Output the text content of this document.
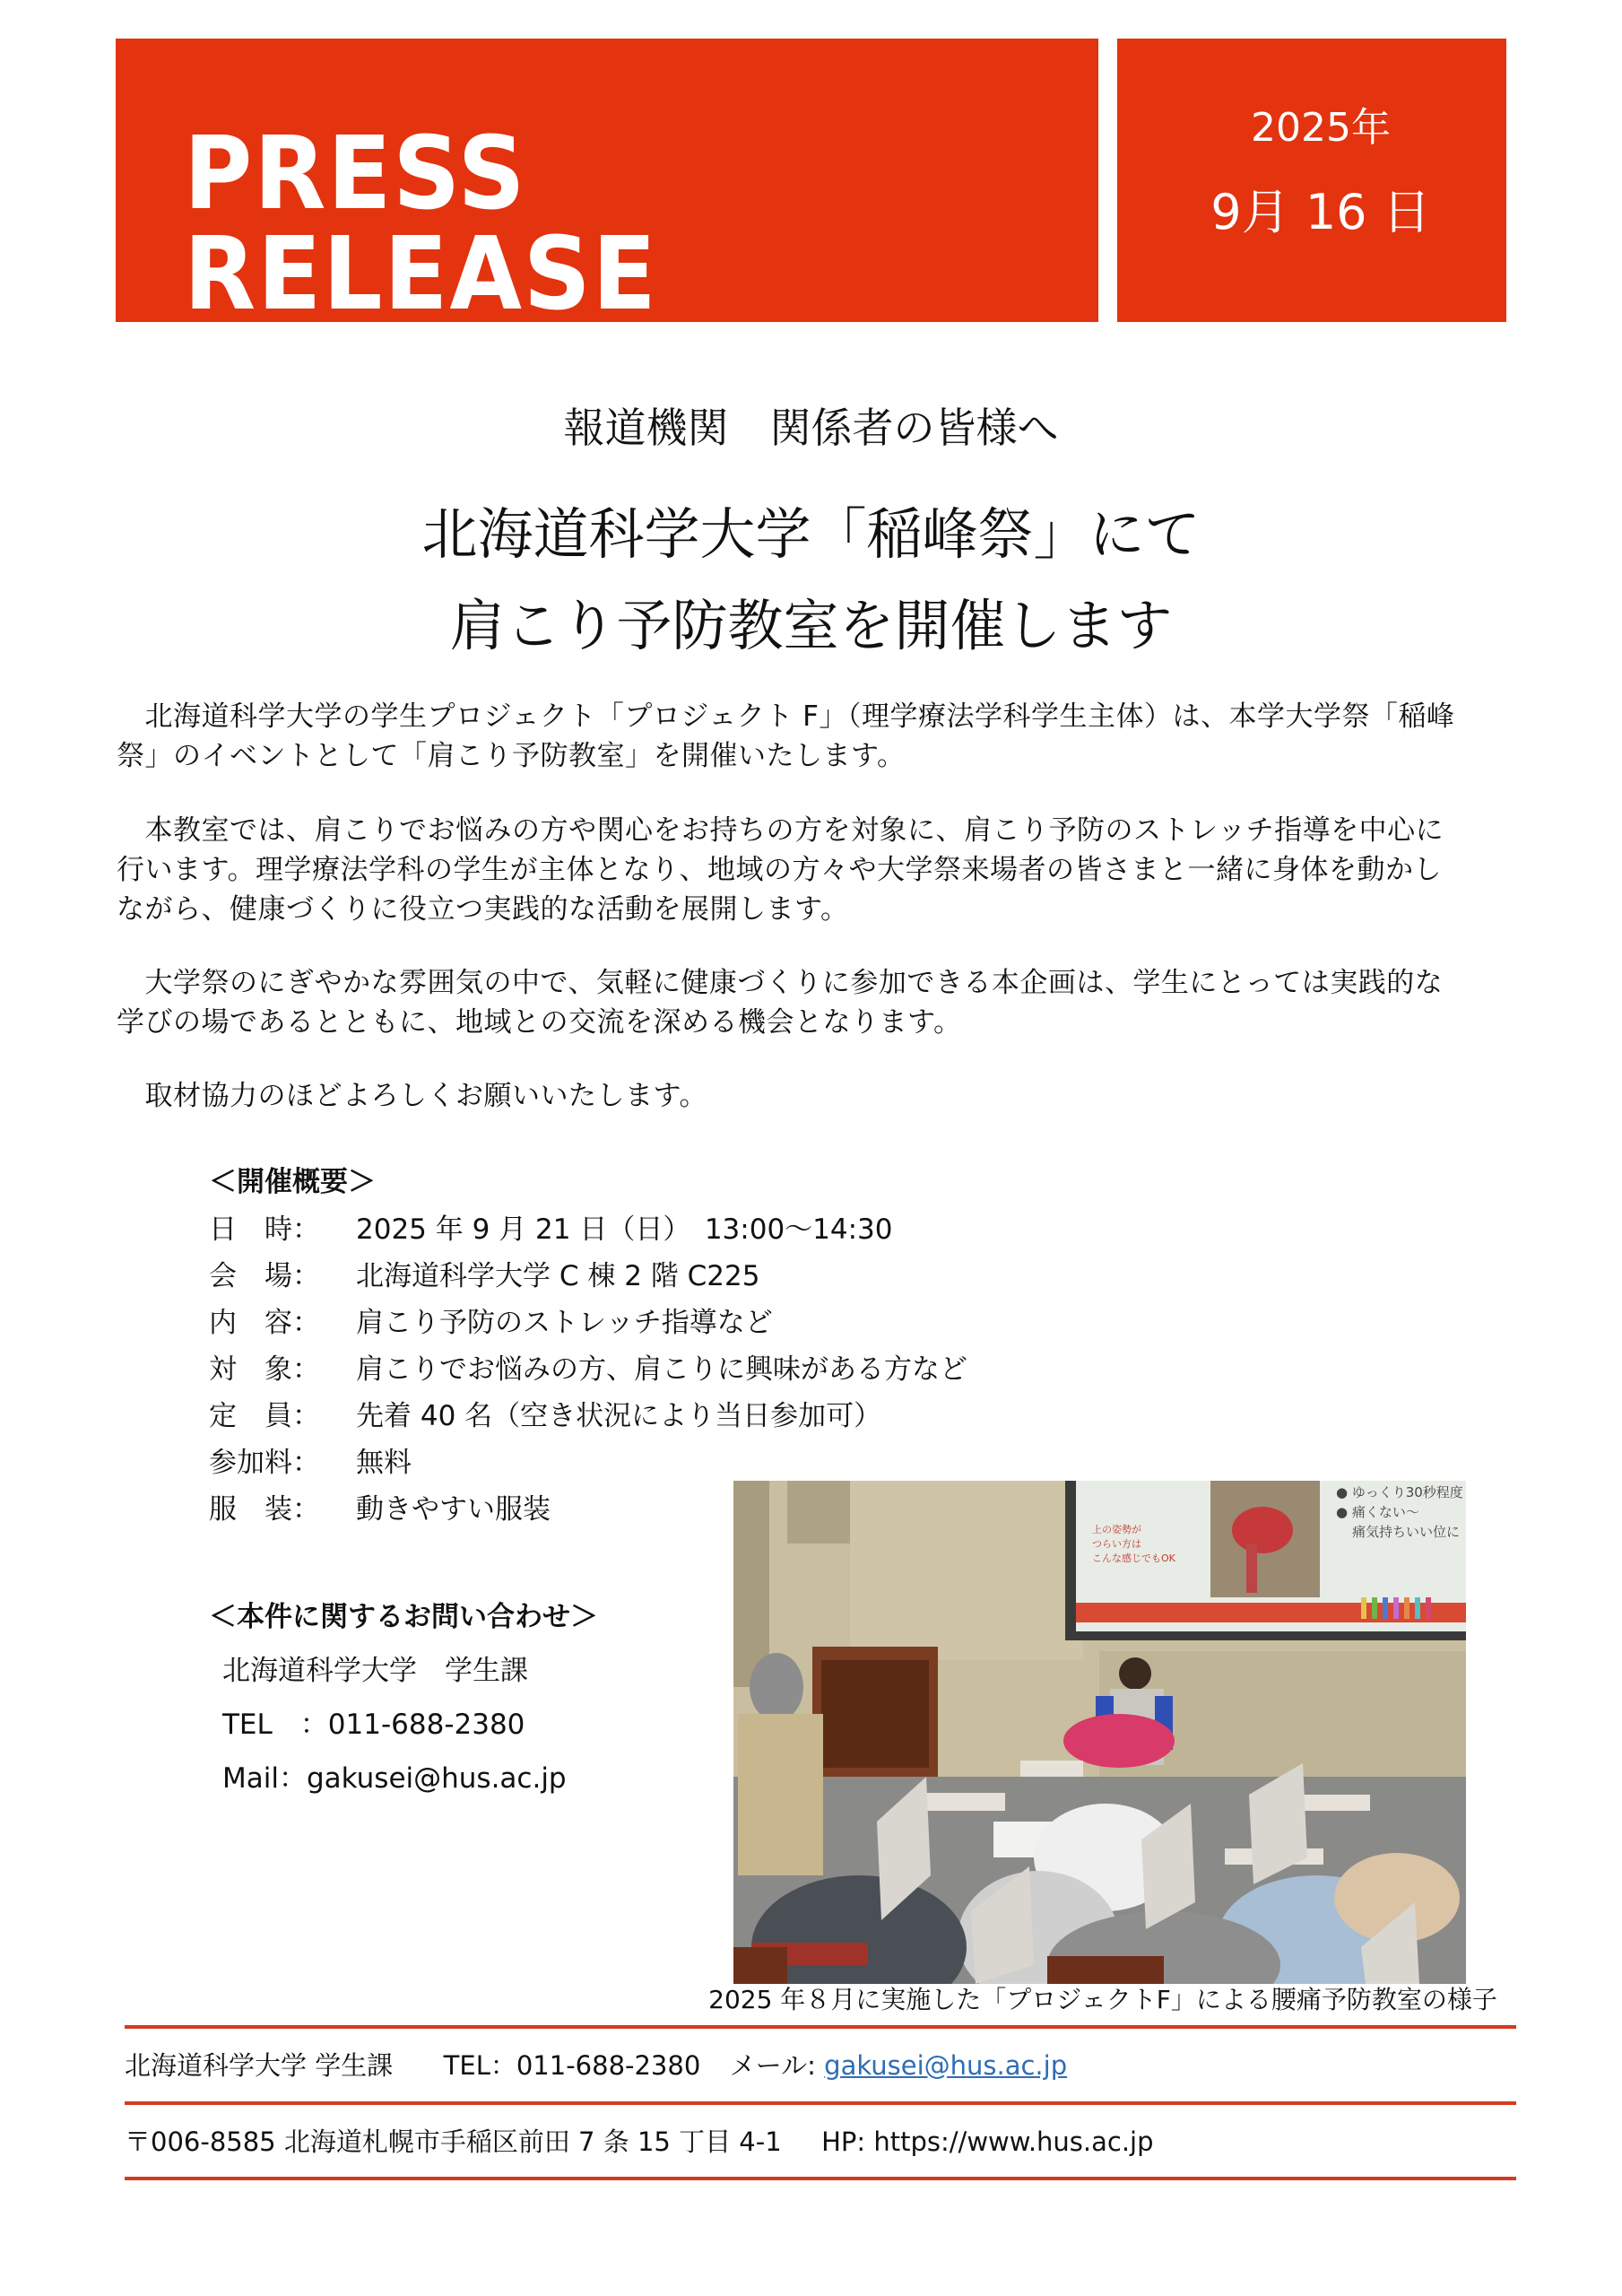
PRESS RELEASE
2025年
9月 16 日
報道機関　関係者の皆様へ
北海道科学大学「稲峰祭」にて
肩こり予防教室を開催します
　北海道科学大学の学生プロジェクト「プロジェクト F」（理学療法学科学生主体）は、本学大学祭「稲峰祭」のイベントとして「肩こり予防教室」を開催いたします。
　本教室では、肩こりでお悩みの方や関心をお持ちの方を対象に、肩こり予防のストレッチ指導を中心に行います。理学療法学科の学生が主体となり、地域の方々や大学祭来場者の皆さまと一緒に身体を動かしながら、健康づくりに役立つ実践的な活動を展開します。
　大学祭のにぎやかな雰囲気の中で、気軽に健康づくりに参加できる本企画は、学生にとっては実践的な学びの場であるとともに、地域との交流を深める機会となります。
　取材協力のほどよろしくお願いいたします。
＜開催概要＞
日　時：	2025 年 9 月 21 日（日）　13:00～14:30
会　場：	北海道科学大学 C 棟 2 階 C225
内　容：	肩こり予防のストレッチ指導など
対　象：	肩こりでお悩みの方、肩こりに興味がある方など
定　員：	先着 40 名（空き状況により当日参加可）
参加料：	無料
服　装：	動きやすい服装
＜本件に関するお問い合わせ＞
北海道科学大学　学生課
TEL　：011-688-2380
Mail：gakusei@hus.ac.jp
上の姿勢が
つらい方は
こんな感じでもOK
● ゆっくり30秒程度
● 痛くない～
痛気持ちいい位に
2025 年８月に実施した「プロジェクトF」による腰痛予防教室の様子
北海道科学大学 学生課 TEL：011-688-2380 メール: gakusei@hus.ac.jp
〒006-8585 北海道札幌市手稲区前田 7 条 15 丁目 4-1 HP: https://www.hus.ac.jp
